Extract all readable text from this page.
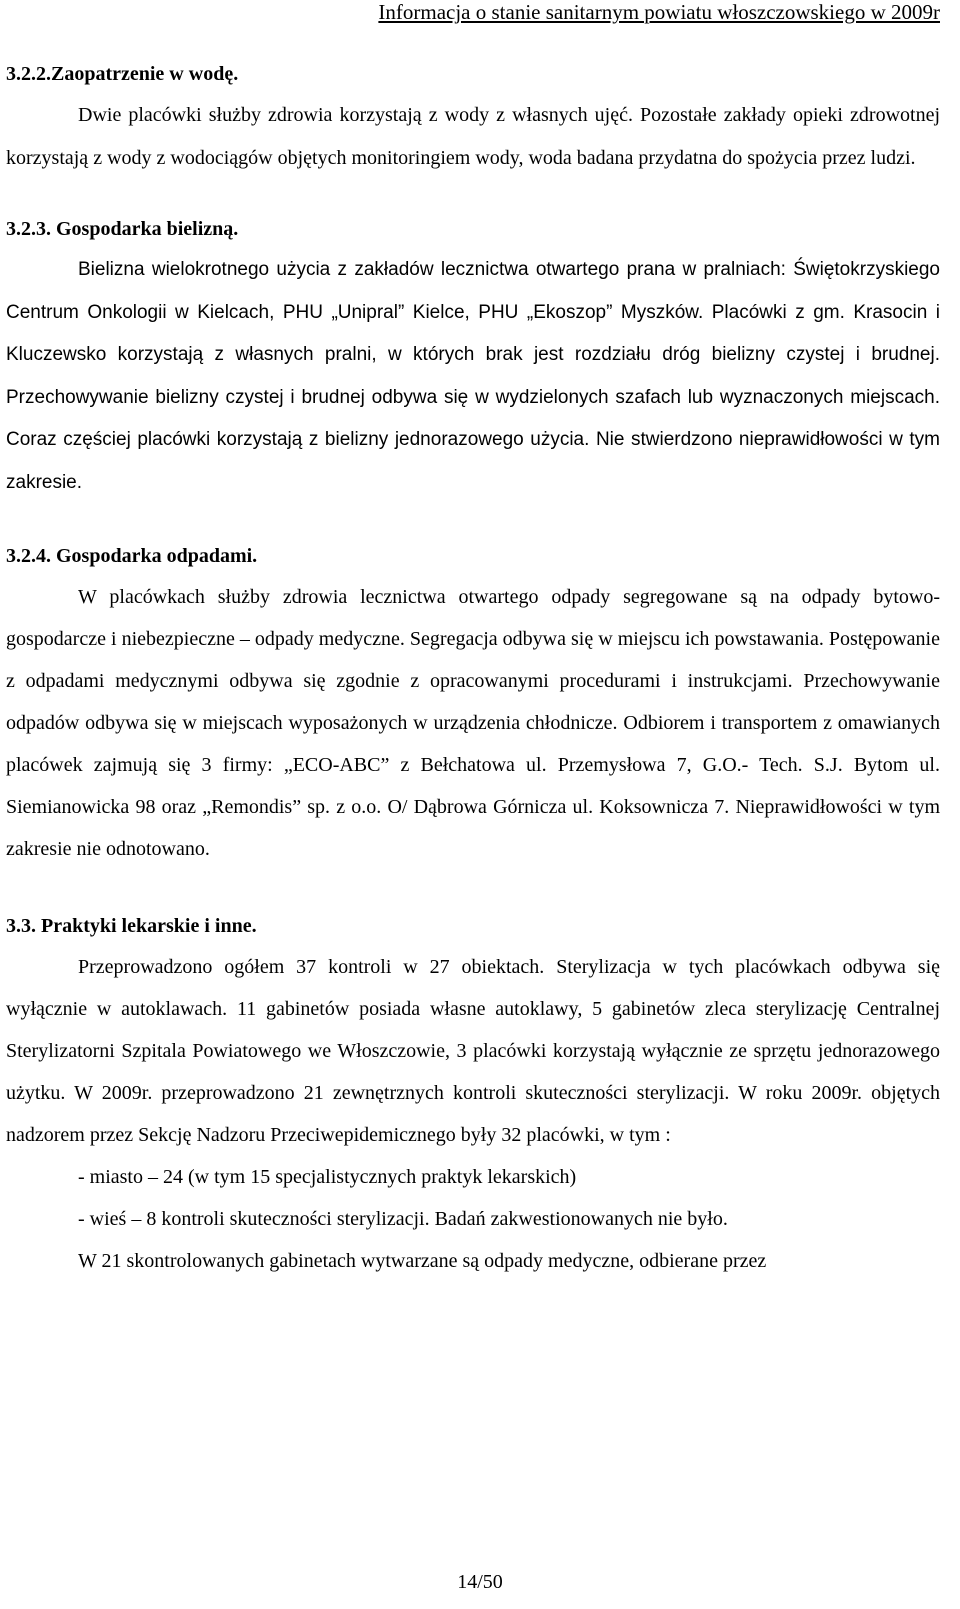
Informacja o stanie sanitarnym powiatu włoszczowskiego w 2009r
3.2.2.Zaopatrzenie w wodę.

Dwie placówki służby zdrowia korzystają z wody z własnych ujęć. Pozostałe zakłady opieki zdrowotnej korzystają z wody z wodociągów objętych monitoringiem wody, woda badana przydatna do spożycia przez ludzi.

3.2.3. Gospodarka bielizną.

Bielizna wielokrotnego użycia z zakładów lecznictwa otwartego prana w pralniach: Świętokrzyskiego Centrum Onkologii w Kielcach, PHU „Unipral” Kielce, PHU „Ekoszop” Myszków. Placówki z gm. Krasocin i Kluczewsko korzystają z własnych pralni, w których brak jest rozdziału dróg bielizny czystej i brudnej. Przechowywanie bielizny czystej i brudnej odbywa się w wydzielonych szafach lub wyznaczonych miejscach. Coraz częściej placówki korzystają z bielizny jednorazowego użycia. Nie stwierdzono nieprawidłowości w tym zakresie.

3.2.4. Gospodarka odpadami.

W placówkach służby zdrowia lecznictwa otwartego odpady segregowane są na odpady bytowo-gospodarcze i niebezpieczne – odpady medyczne. Segregacja odbywa się w miejscu ich powstawania. Postępowanie z odpadami medycznymi odbywa się zgodnie z opracowanymi procedurami i instrukcjami. Przechowywanie odpadów odbywa się w miejscach wyposażonych w urządzenia chłodnicze. Odbiorem i transportem z omawianych placówek zajmują się 3 firmy: „ECO-ABC” z Bełchatowa ul. Przemysłowa 7, G.O.- Tech. S.J. Bytom ul. Siemianowicka 98 oraz „Remondis” sp. z o.o. O/ Dąbrowa Górnicza ul. Koksownicza 7. Nieprawidłowości w tym zakresie nie odnotowano.

3.3. Praktyki lekarskie i inne.

Przeprowadzono ogółem 37 kontroli w 27 obiektach. Sterylizacja w tych placówkach odbywa się wyłącznie w autoklawach. 11 gabinetów posiada własne autoklawy, 5 gabinetów zleca sterylizację Centralnej Sterylizatorni Szpitala Powiatowego we Włoszczowie, 3 placówki korzystają wyłącznie ze sprzętu jednorazowego użytku. W 2009r. przeprowadzono 21 zewnętrznych kontroli skuteczności sterylizacji. W roku 2009r. objętych nadzorem przez Sekcję Nadzoru Przeciwepidemicznego były 32 placówki, w tym :

- miasto – 24 (w tym 15 specjalistycznych praktyk lekarskich)
- wieś – 8 kontroli skuteczności sterylizacji. Badań zakwestionowanych nie było.

W 21 skontrolowanych gabinetach wytwarzane są odpady medyczne, odbierane przez

14/50
